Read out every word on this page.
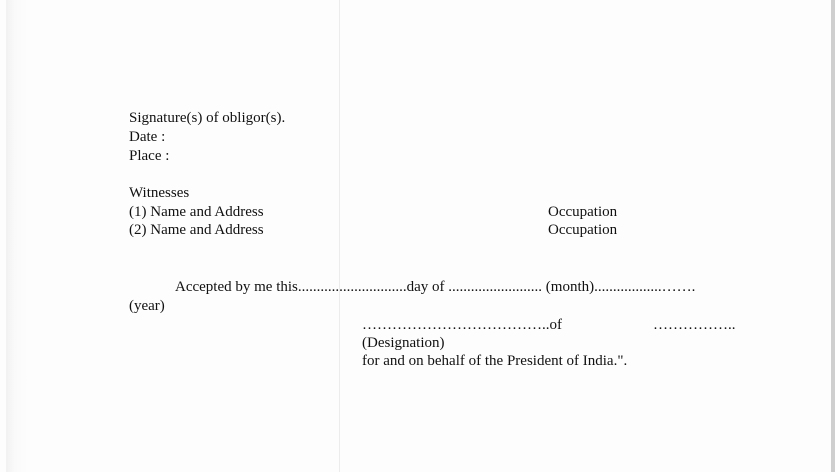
Signature(s) of obligor(s).
Date :
Place :
Witnesses
(1) Name and Address
(2) Name and Address
Occupation
Occupation
Accepted by me this.............................day of ......................... (month)..................…….
(year)
………………………………..of	……………..
(Designation)
for and on behalf of the President of India.".
